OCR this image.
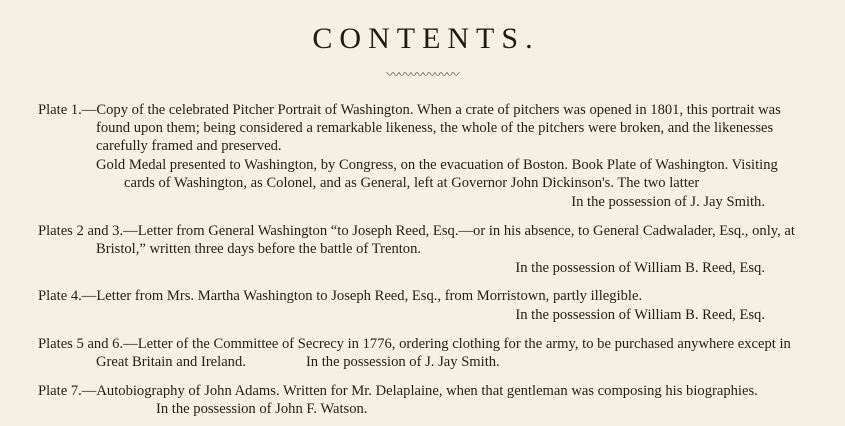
CONTENTS.
〰〰〰〰〰〰
Plate 1.—Copy of the celebrated Pitcher Portrait of Washington. When a crate of pitchers was opened in 1801, this portrait was found upon them; being considered a remarkable likeness, the whole of the pitchers were broken, and the likenesses carefully framed and preserved.
Gold Medal presented to Washington, by Congress, on the evacuation of Boston. Book Plate of Washington. Visiting cards of Washington, as Colonel, and as General, left at Governor John Dickinson's. The two latter
In the possession of J. Jay Smith.
Plates 2 and 3.—Letter from General Washington “to Joseph Reed, Esq.—or in his absence, to General Cadwalader, Esq., only, at Bristol,” written three days before the battle of Trenton.
In the possession of William B. Reed, Esq.
Plate 4.—Letter from Mrs. Martha Washington to Joseph Reed, Esq., from Morristown, partly illegible.
In the possession of William B. Reed, Esq.
Plates 5 and 6.—Letter of the Committee of Secrecy in 1776, ordering clothing for the army, to be purchased anywhere except in Great Britain and Ireland.	In the possession of J. Jay Smith.
Plate 7.—Autobiography of John Adams. Written for Mr. Delaplaine, when that gentleman was composing his biographies.In the possession of John F. Watson.
